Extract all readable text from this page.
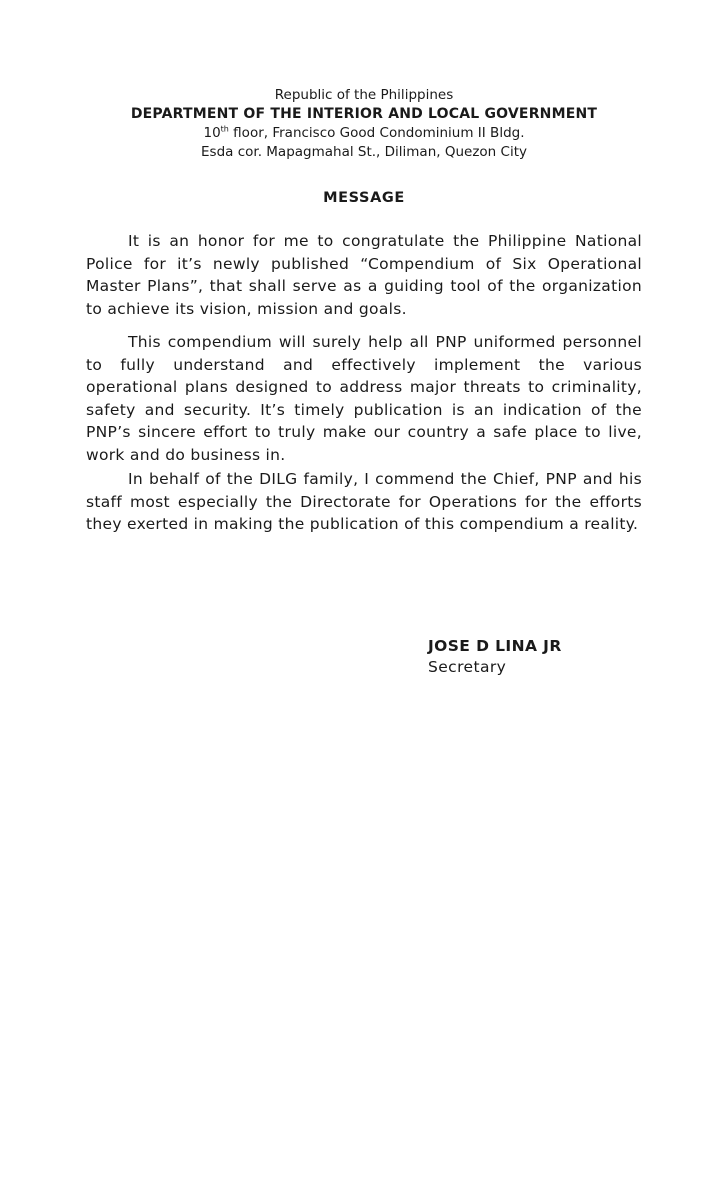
Republic of the Philippines
DEPARTMENT OF THE INTERIOR AND LOCAL GOVERNMENT
10th floor, Francisco Good Condominium II Bldg.
Esda cor. Mapagmahal St., Diliman, Quezon City
MESSAGE

It is an honor for me to congratulate the Philippine National Police for it’s newly published “Compendium of Six Operational Master Plans”, that shall serve as a guiding tool of the organization to achieve its vision, mission and goals.

This compendium will surely help all PNP uniformed personnel to fully understand and effectively implement the various operational plans designed to address major threats to criminality, safety and security. It’s timely publication is an indication of the PNP’s sincere effort to truly make our country a safe place to live, work and do business in.

In behalf of the DILG family, I commend the Chief, PNP and his staff most especially the Directorate for Operations for the efforts they exerted in making the publication of this compendium a reality.

JOSE D LINA JR
Secretary
